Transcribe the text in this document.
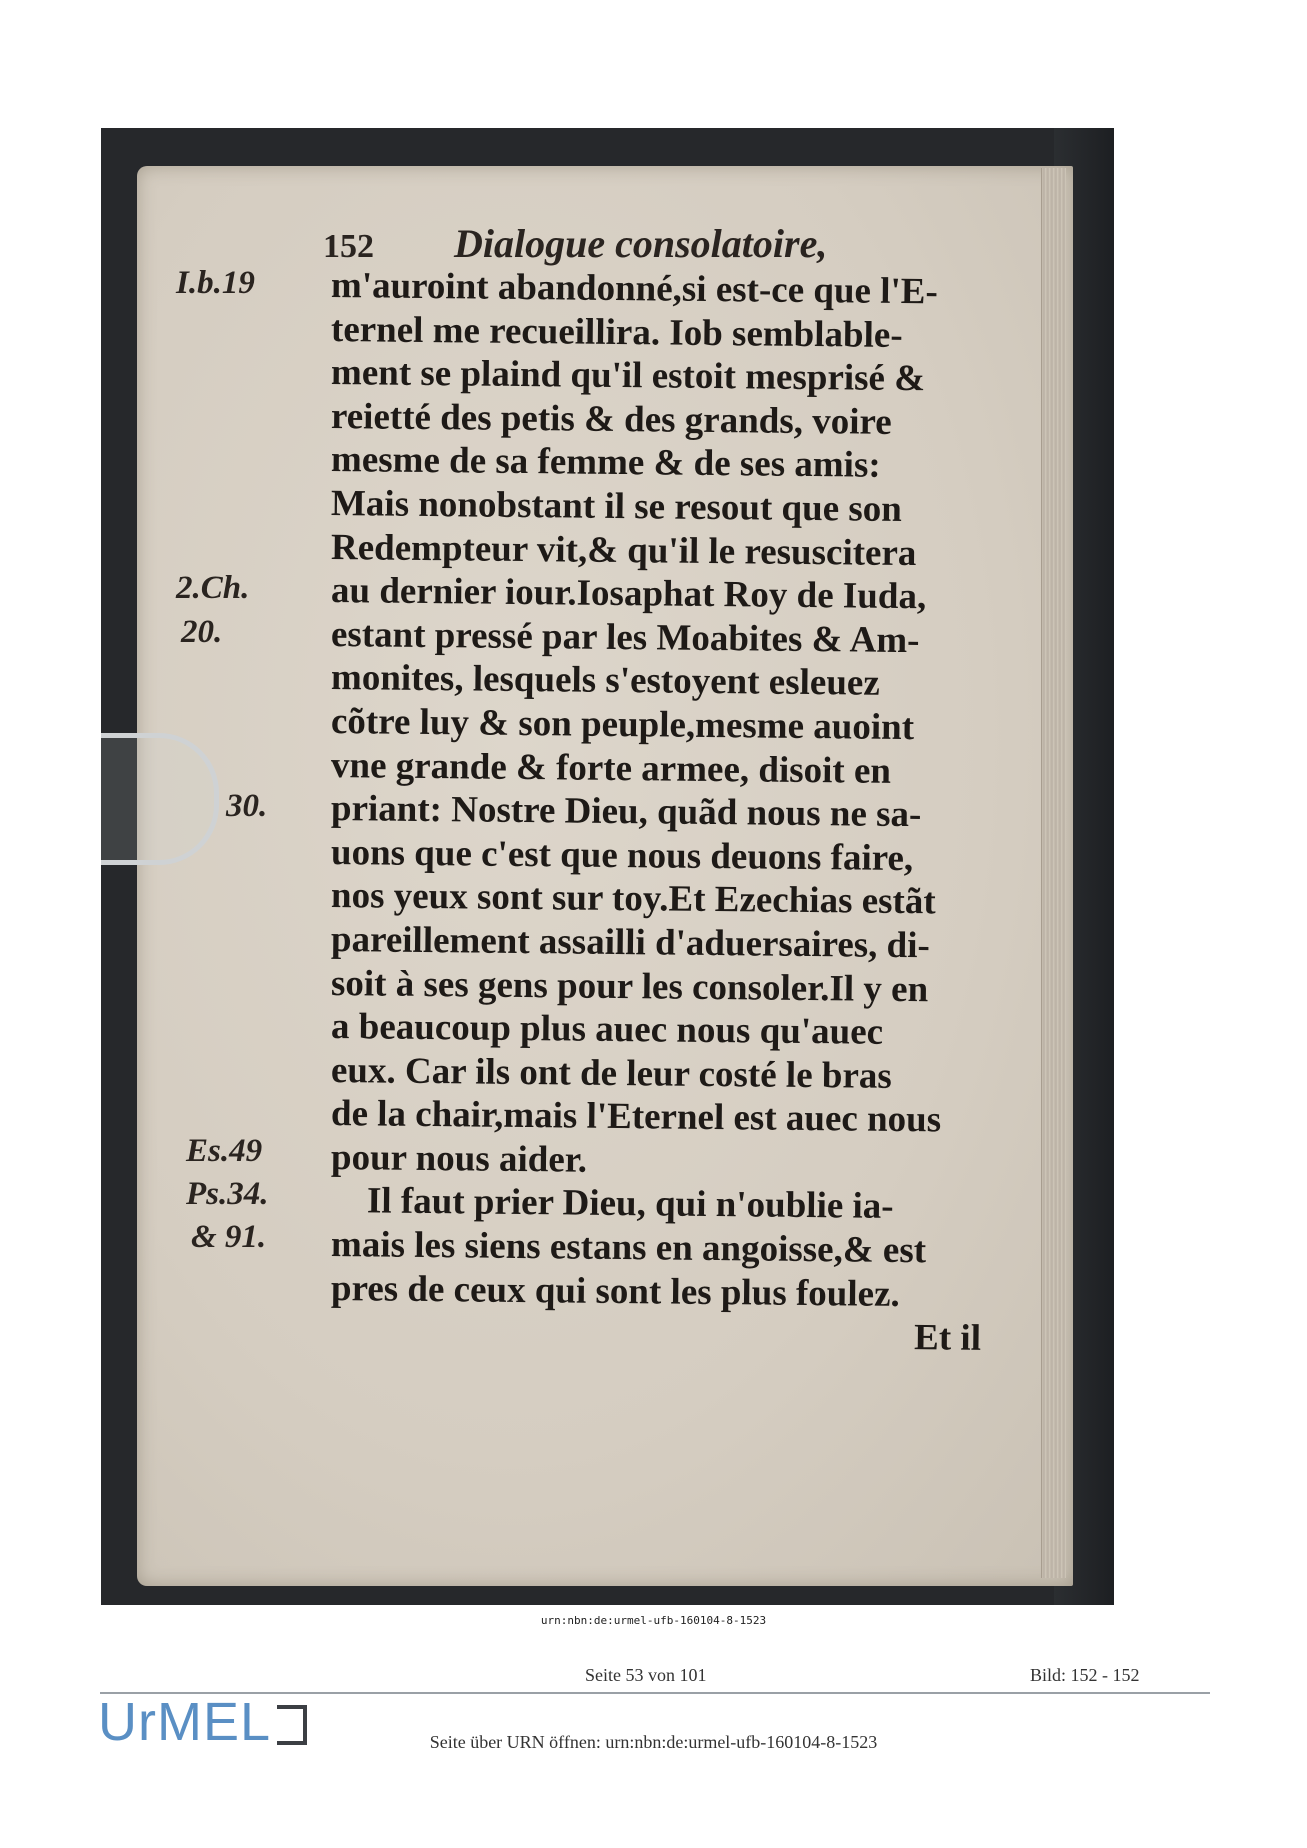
152 Dialogue consolatoire,
m'auroint abandonné,si est-ce que l'E-
ternel me recueillira. Iob semblable-
ment se plaind qu'il estoit mesprisé &
reietté des petis & des grands, voire
mesme de sa femme & de ses amis:
Mais nonobstant il se resout que son
Redempteur vit,& qu'il le resuscitera
au dernier iour.Iosaphat Roy de Iuda,
estant pressé par les Moabites & Am-
monites, lesquels s'estoyent esleuez
cõtre luy & son peuple,mesme auoint
vne grande & forte armee, disoit en
priant: Nostre Dieu, quãd nous ne sa-
uons que c'est que nous deuons faire,
nos yeux sont sur toy.Et Ezechias estãt
pareillement assailli d'aduersaires, di-
soit à ses gens pour les consoler.Il y en
a beaucoup plus auec nous qu'auec
eux. Car ils ont de leur costé le bras
de la chair,mais l'Eternel est auec nous
pour nous aider.
Il faut prier Dieu, qui n'oublie ia-
mais les siens estans en angoisse,& est
pres de ceux qui sont les plus foulez.
Et il
I.b.19
2.Ch.
20.
30.
Es.49
Ps.34.
& 91.
urn:nbn:de:urmel-ufb-160104-8-1523
Seite 53 von 101	Bild: 152 - 152
UrMEL	Seite über URN öffnen: urn:nbn:de:urmel-ufb-160104-8-1523
